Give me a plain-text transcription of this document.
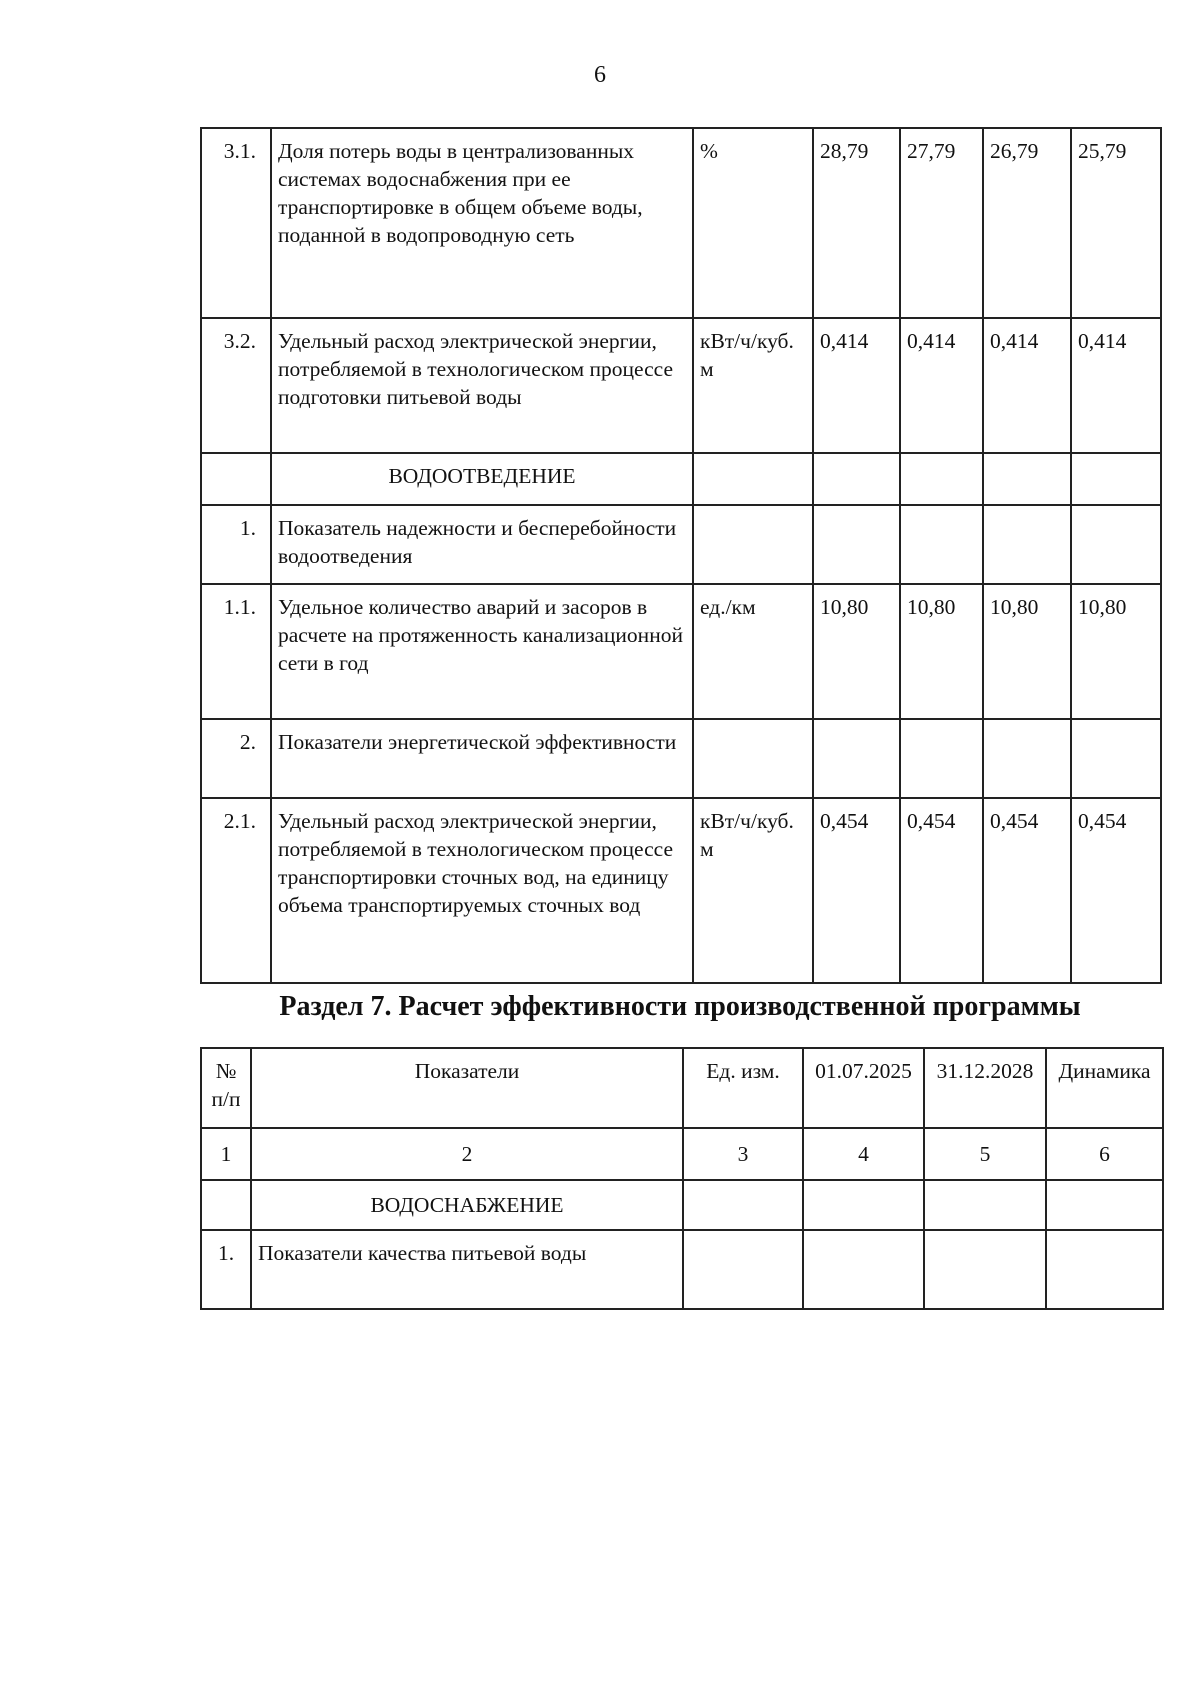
6
3.1.	Доля потерь воды в централизованных системах водоснабжения при ее транспортировке в общем объеме воды, поданной в водопроводную сеть	%	28,79	27,79	26,79	25,79
3.2.	Удельный расход электрической энергии, потребляемой в технологическом процессе подготовки питьевой воды	кВт/ч/куб. м	0,414	0,414	0,414	0,414
	ВОДООТВЕДЕНИЕ					
1.	Показатель надежности и бесперебойности водоотведения					
1.1.	Удельное количество аварий и засоров в расчете на протяженность канализационной сети в год	ед./км	10,80	10,80	10,80	10,80
2.	Показатели энергетической эффективности					
2.1.	Удельный расход электрической энергии, потребляемой в технологическом процессе транспортировки сточных вод, на единицу объема транспортируемых сточных вод	кВт/ч/куб. м	0,454	0,454	0,454	0,454
Раздел 7. Расчет эффективности производственной программы
№ п/п	Показатели	Ед. изм.	01.07.2025	31.12.2028	Динамика
1	2	3	4	5	6
	ВОДОСНАБЖЕНИЕ				
1.	Показатели качества питьевой воды				
